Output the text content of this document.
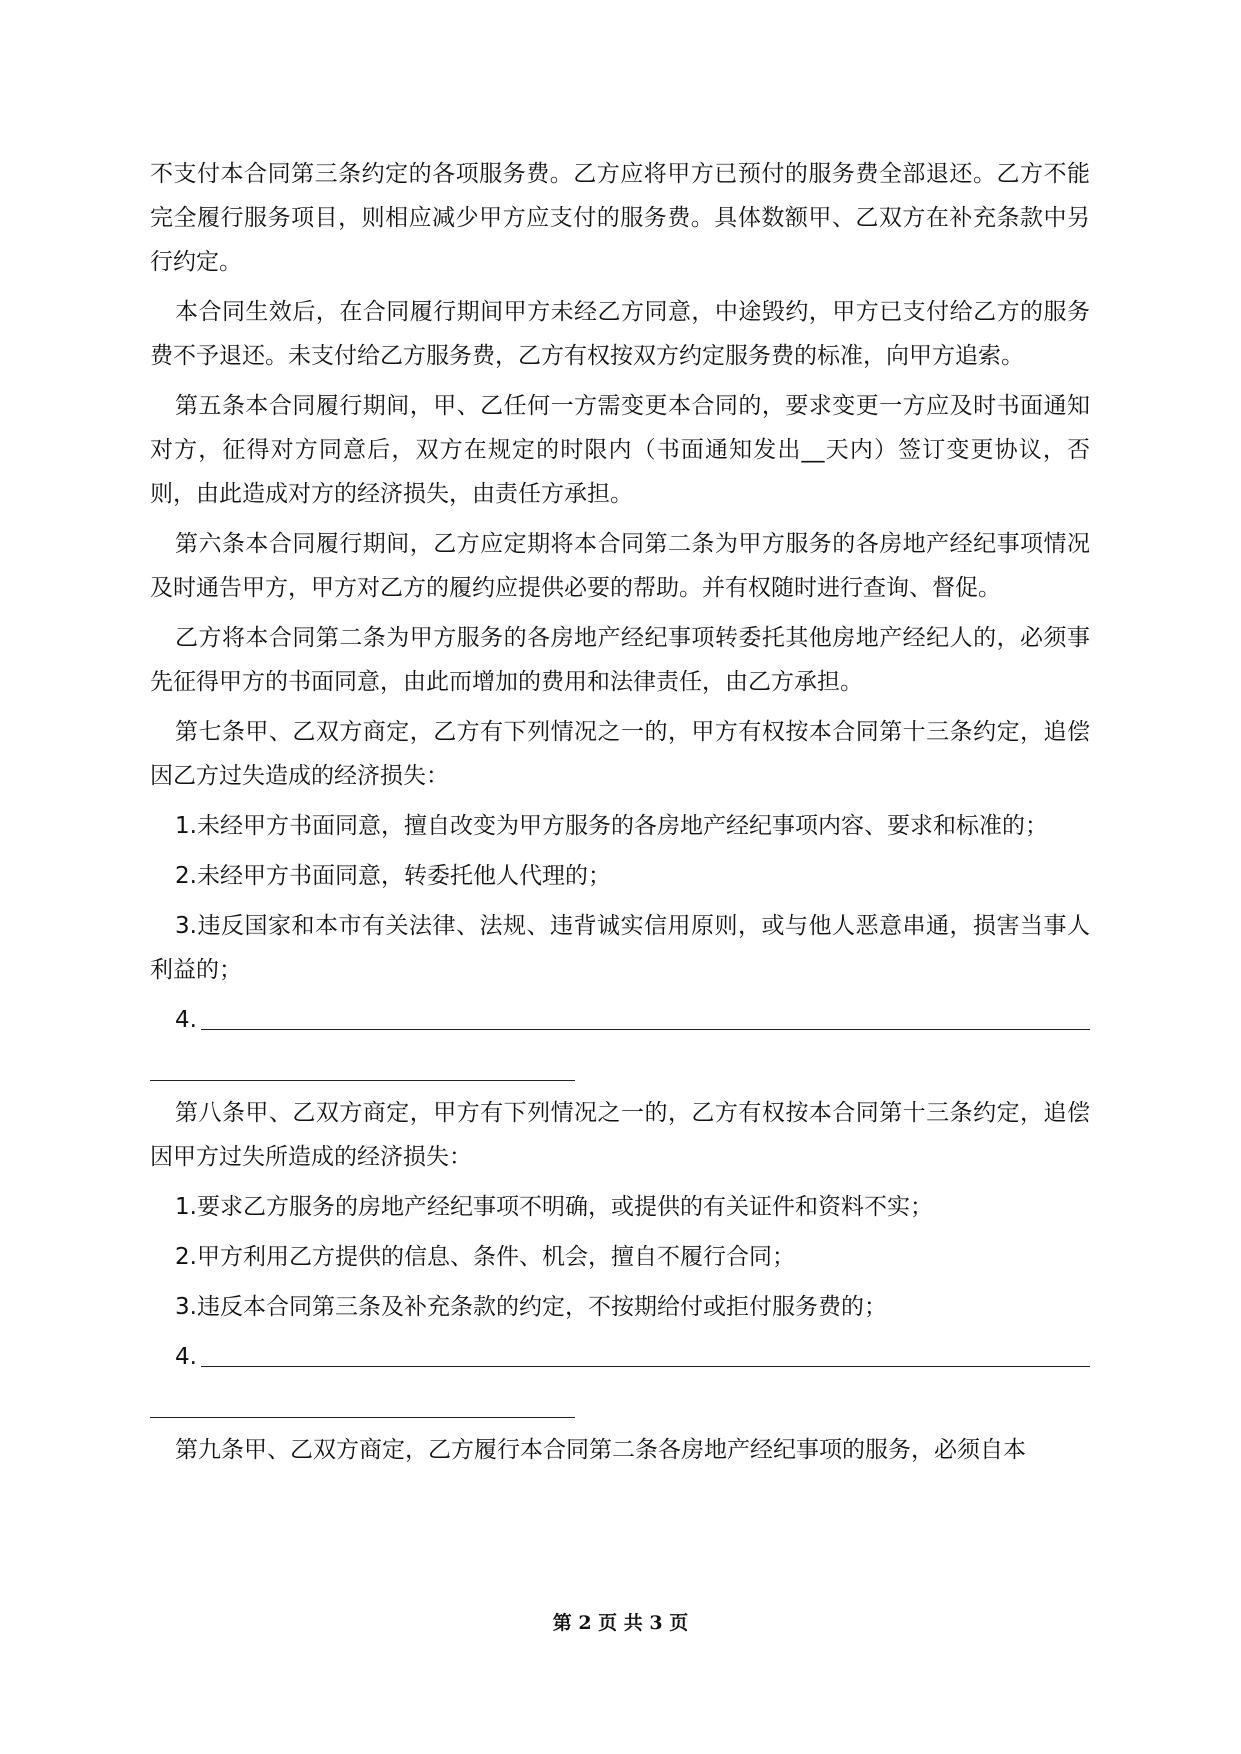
不支付本合同第三条约定的各项服务费。乙方应将甲方已预付的服务费全部退还。乙方不能完全履行服务项目，则相应减少甲方应支付的服务费。具体数额甲、乙双方在补充条款中另行约定。

本合同生效后，在合同履行期间甲方未经乙方同意，中途毁约，甲方已支付给乙方的服务费不予退还。未支付给乙方服务费，乙方有权按双方约定服务费的标准，向甲方追索。

第五条本合同履行期间，甲、乙任何一方需变更本合同的，要求变更一方应及时书面通知对方，征得对方同意后，双方在规定的时限内（书面通知发出__天内）签订变更协议，否则，由此造成对方的经济损失，由责任方承担。

第六条本合同履行期间，乙方应定期将本合同第二条为甲方服务的各房地产经纪事项情况及时通告甲方，甲方对乙方的履约应提供必要的帮助。并有权随时进行查询、督促。

乙方将本合同第二条为甲方服务的各房地产经纪事项转委托其他房地产经纪人的，必须事先征得甲方的书面同意，由此而增加的费用和法律责任，由乙方承担。

第七条甲、乙双方商定，乙方有下列情况之一的，甲方有权按本合同第十三条约定，追偿因乙方过失造成的经济损失：

1.未经甲方书面同意，擅自改变为甲方服务的各房地产经纪事项内容、要求和标准的；

2.未经甲方书面同意，转委托他人代理的；

3.违反国家和本市有关法律、法规、违背诚实信用原则，或与他人恶意串通，损害当事人利益的；

4.

第八条甲、乙双方商定，甲方有下列情况之一的，乙方有权按本合同第十三条约定，追偿因甲方过失所造成的经济损失：

1.要求乙方服务的房地产经纪事项不明确，或提供的有关证件和资料不实；

2.甲方利用乙方提供的信息、条件、机会，擅自不履行合同；

3.违反本合同第三条及补充条款的约定，不按期给付或拒付服务费的；

4.

第九条甲、乙双方商定，乙方履行本合同第二条各房地产经纪事项的服务，必须自本

第 2 页 共 3 页
